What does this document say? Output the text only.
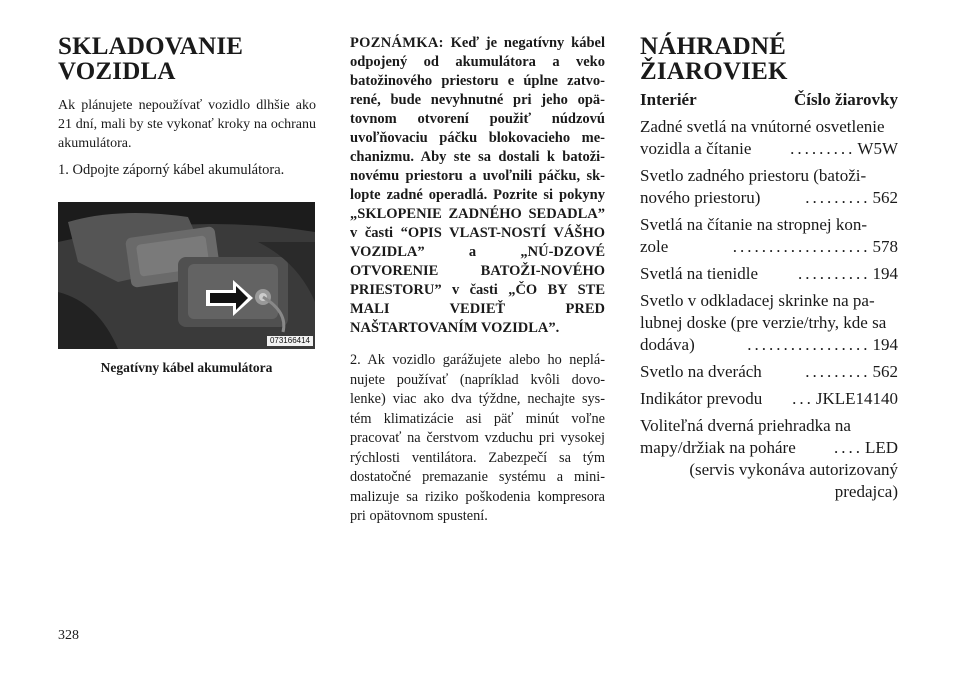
SKLADOVANIE
VOZIDLA

Ak plánujete nepoužívať vozidlo dlhšie ako 21 dní, mali by ste vykonať kroky na ochranu akumulátora.

1. Odpojte záporný kábel akumulátora.

073166414
Negatívny kábel akumulátora

POZNÁMKA: Keď je negatívny kábel odpojený od akumulátora a veko batožinového priestoru e úplne zatvo-rené, bude nevyhnutné pri jeho opä-tovnom otvorení použiť núdzovú uvoľňovaciu páčku blokovacieho me-chanizmu. Aby ste sa dostali k batoži-novému priestoru a uvoľnili páčku, sk-lopte zadné operadlá. Pozrite si pokyny „SKLOPENIE ZADNÉHO SEDADLA” v časti “OPIS VLAST-NOSTÍ VÁŠHO VOZIDLA” a „NÚ-DZOVÉ OTVORENIE BATOŽI-NOVÉHO PRIESTORU” v časti „ČO BY STE MALI VEDIEŤ PRED NAŠTARTOVANÍM VOZIDLA”.

2. Ak vozidlo garážujete alebo ho neplá-nujete používať (napríklad kvôli dovo-lenke) viac ako dva týždne, nechajte sys-tém klimatizácie asi päť minút voľne pracovať na čerstvom vzduchu pri vysokej rýchlosti ventilátora. Zabezpečí sa tým dostatočné premazanie systému a mini-malizuje sa riziko poškodenia kompresora pri opätovnom spustení.

NÁHRADNÉ
ŽIAROVIEK
Interiér	Číslo žiarovky
Zadné svetlá na vnútorné osvetlenie
vozidla a čítanie	......... W5W
Svetlo zadného priestoru (batoži-
nového priestoru)	......... 562
Svetlá na čítanie na stropnej kon-
zole	................... 578
Svetlá na tienidle	.......... 194
Svetlo v odkladacej skrinke na pa-
lubnej doske (pre verzie/trhy, kde sa
dodáva)	................. 194
Svetlo na dverách	......... 562
Indikátor prevodu	... JKLE14140
Voliteľná dverná priehradka na
mapy/držiak na poháre	.... LED
(servis vykonáva autorizovaný
predajca)
328
